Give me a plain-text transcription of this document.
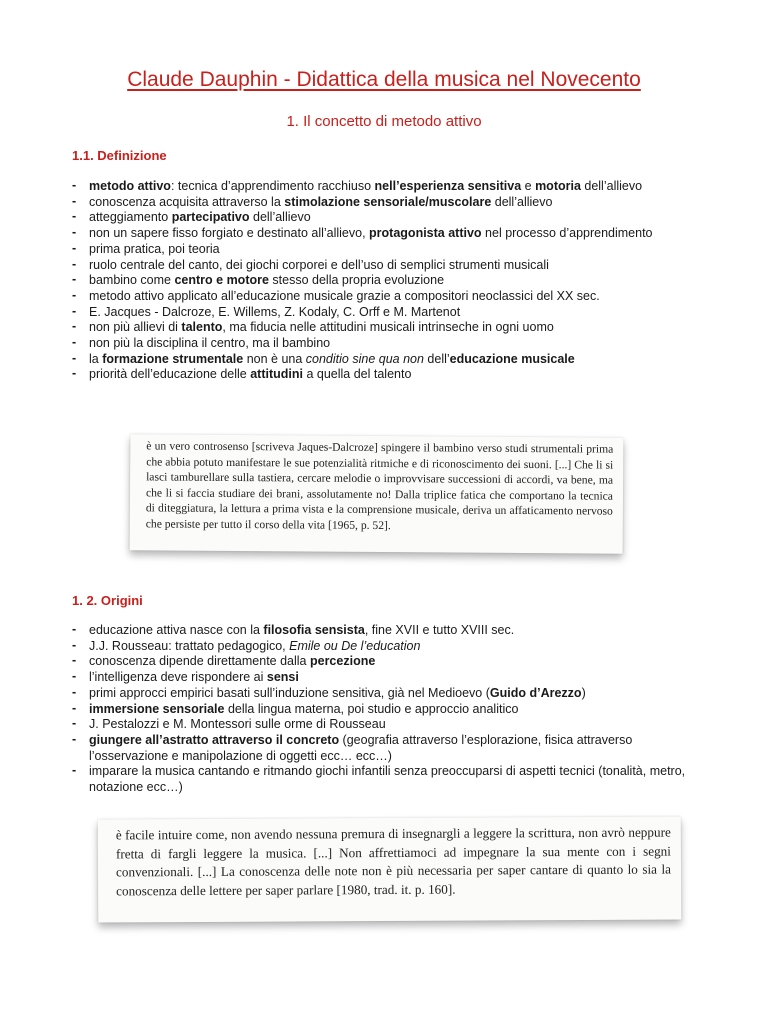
Claude Dauphin - Didattica della musica nel Novecento
1. Il concetto di metodo attivo
1.1. Definizione
- metodo attivo: tecnica d’apprendimento racchiuso nell’esperienza sensitiva e motoria dell’allievo
- conoscenza acquisita attraverso la stimolazione sensoriale/muscolare dell’allievo
- atteggiamento partecipativo dell’allievo
- non un sapere fisso forgiato e destinato all’allievo, protagonista attivo nel processo d’apprendimento
- prima pratica, poi teoria
- ruolo centrale del canto, dei giochi corporei e dell’uso di semplici strumenti musicali
- bambino come centro e motore stesso della propria evoluzione
- metodo attivo applicato all’educazione musicale grazie a compositori neoclassici del XX sec.
- E. Jacques - Dalcroze, E. Willems, Z. Kodaly, C. Orff e M. Martenot
- non più allievi di talento, ma fiducia nelle attitudini musicali intrinseche in ogni uomo
- non più la disciplina il centro, ma il bambino
- la formazione strumentale non è una conditio sine qua non dell’educazione musicale
- priorità dell’educazione delle attitudini a quella del talento
è un vero controsenso [scriveva Jaques-Dalcroze] spingere il bambino verso studi strumentali prima che abbia potuto manifestare le sue potenzialità ritmiche e di riconoscimento dei suoni. [...] Che li si lasci tamburellare sulla tastiera, cercare melodie o improvvisare successioni di accordi, va bene, ma che li si faccia studiare dei brani, assolutamente no! Dalla triplice fatica che comportano la tecnica di diteggiatura, la lettura a prima vista e la comprensione musicale, deriva un affaticamento nervoso che persiste per tutto il corso della vita [1965, p. 52].
1. 2. Origini
- educazione attiva nasce con la filosofia sensista, fine XVII e tutto XVIII sec.
- J.J. Rousseau: trattato pedagogico, Emile ou De l’education
- conoscenza dipende direttamente dalla percezione
- l’intelligenza deve rispondere ai sensi
- primi approcci empirici basati sull’induzione sensitiva, già nel Medioevo (Guido d’Arezzo)
- immersione sensoriale della lingua materna, poi studio e approccio analitico
- J. Pestalozzi e M. Montessori sulle orme di Rousseau
- giungere all’astratto attraverso il concreto (geografia attraverso l’esplorazione, fisica attraverso l’osservazione e manipolazione di oggetti ecc… ecc…)
- imparare la musica cantando e ritmando giochi infantili senza preoccuparsi di aspetti tecnici (tonalità, metro, notazione ecc…)
è facile intuire come, non avendo nessuna premura di insegnargli a leggere la scrittura, non avrò neppure fretta di fargli leggere la musica. [...] Non affrettiamoci ad impegnare la sua mente con i segni convenzionali. [...] La conoscenza delle note non è più necessaria per saper cantare di quanto lo sia la conoscenza delle lettere per saper parlare [1980, trad. it. p. 160].
